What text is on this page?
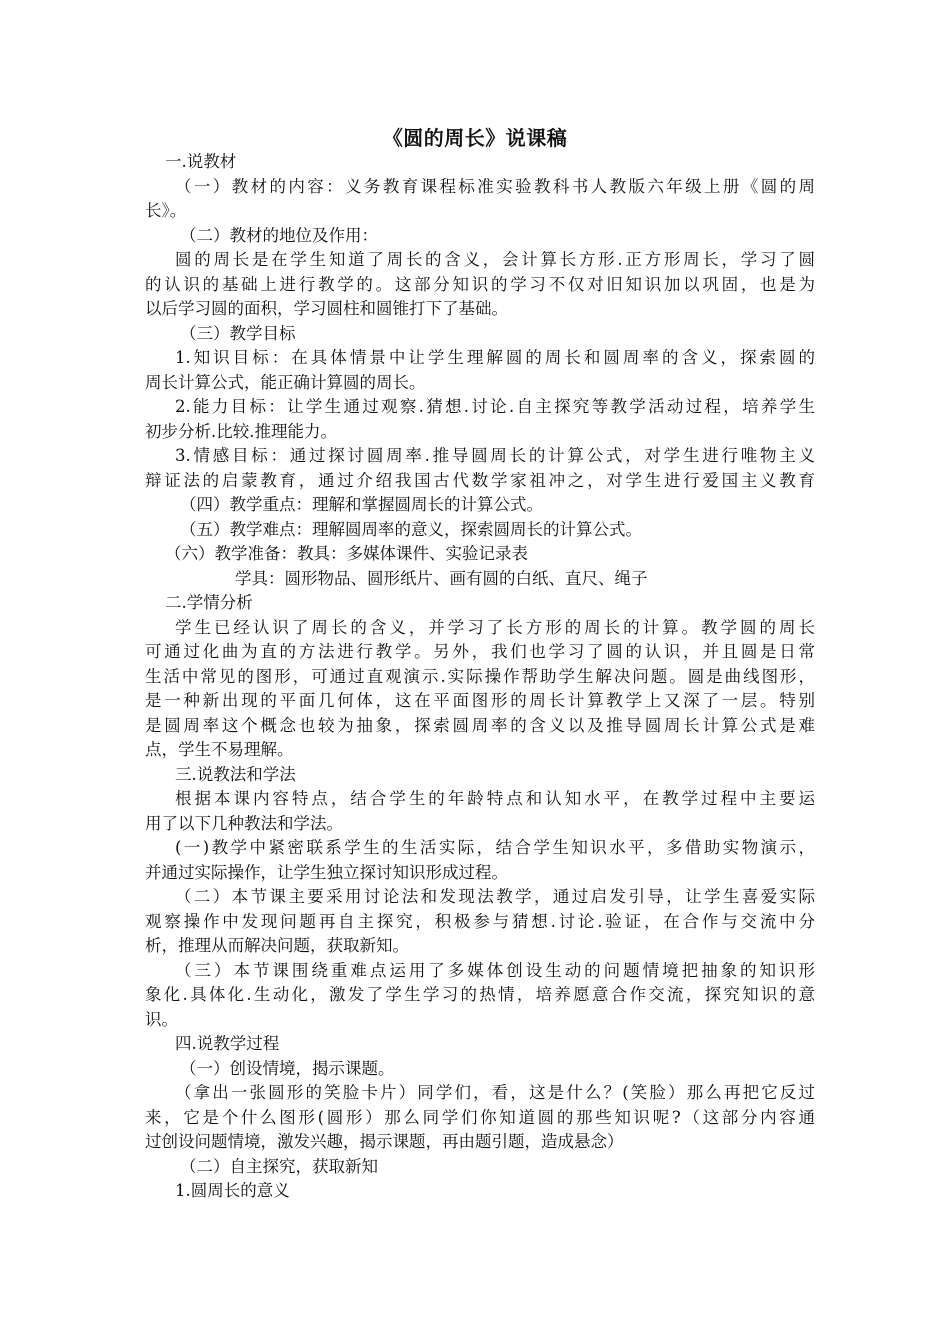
《圆的周长》说课稿

一.说教材

（一）教材的内容：义务教育课程标准实验教科书人教版六年级上册《圆的周
长》。

（二）教材的地位及作用：

圆的周长是在学生知道了周长的含义，会计算长方形.正方形周长，学习了圆
的认识的基础上进行教学的。这部分知识的学习不仅对旧知识加以巩固，也是为
以后学习圆的面积，学习圆柱和圆锥打下了基础。

（三）教学目标

1.知识目标：在具体情景中让学生理解圆的周长和圆周率的含义，探索圆的
周长计算公式，能正确计算圆的周长。

2.能力目标：让学生通过观察.猜想.讨论.自主探究等教学活动过程，培养学生
初步分析.比较.推理能力。

3.情感目标：通过探讨圆周率.推导圆周长的计算公式，对学生进行唯物主义
辩证法的启蒙教育，通过介绍我国古代数学家祖冲之，对学生进行爱国主义教育

（四）教学重点：理解和掌握圆周长的计算公式。

（五）教学难点：理解圆周率的意义，探索圆周长的计算公式。

（六）教学准备：教具：多媒体课件、实验记录表
学具：圆形物品、圆形纸片、画有圆的白纸、直尺、绳子

二.学情分析

学生已经认识了周长的含义，并学习了长方形的周长的计算。教学圆的周长
可通过化曲为直的方法进行教学。另外，我们也学习了圆的认识，并且圆是日常
生活中常见的图形，可通过直观演示.实际操作帮助学生解决问题。圆是曲线图形，
是一种新出现的平面几何体，这在平面图形的周长计算教学上又深了一层。特别
是圆周率这个概念也较为抽象，探索圆周率的含义以及推导圆周长计算公式是难
点，学生不易理解。

三.说教法和学法

根据本课内容特点，结合学生的年龄特点和认知水平，在教学过程中主要运
用了以下几种教法和学法。

(一)教学中紧密联系学生的生活实际，结合学生知识水平，多借助实物演示，
并通过实际操作，让学生独立探讨知识形成过程。

（二）本节课主要采用讨论法和发现法教学，通过启发引导，让学生喜爱实际
观察操作中发现问题再自主探究，积极参与猜想.讨论.验证，在合作与交流中分
析，推理从而解决问题，获取新知。

（三）本节课围绕重难点运用了多媒体创设生动的问题情境把抽象的知识形
象化.具体化.生动化，激发了学生学习的热情，培养愿意合作交流，探究知识的意
识。

四.说教学过程

（一）创设情境，揭示课题。

（拿出一张圆形的笑脸卡片）同学们，看，这是什么？(笑脸）那么再把它反过
来，它是个什么图形(圆形）那么同学们你知道圆的那些知识呢?（这部分内容通
过创设问题情境，激发兴趣，揭示课题，再由题引题，造成悬念）

（二）自主探究，获取新知

1.圆周长的意义
